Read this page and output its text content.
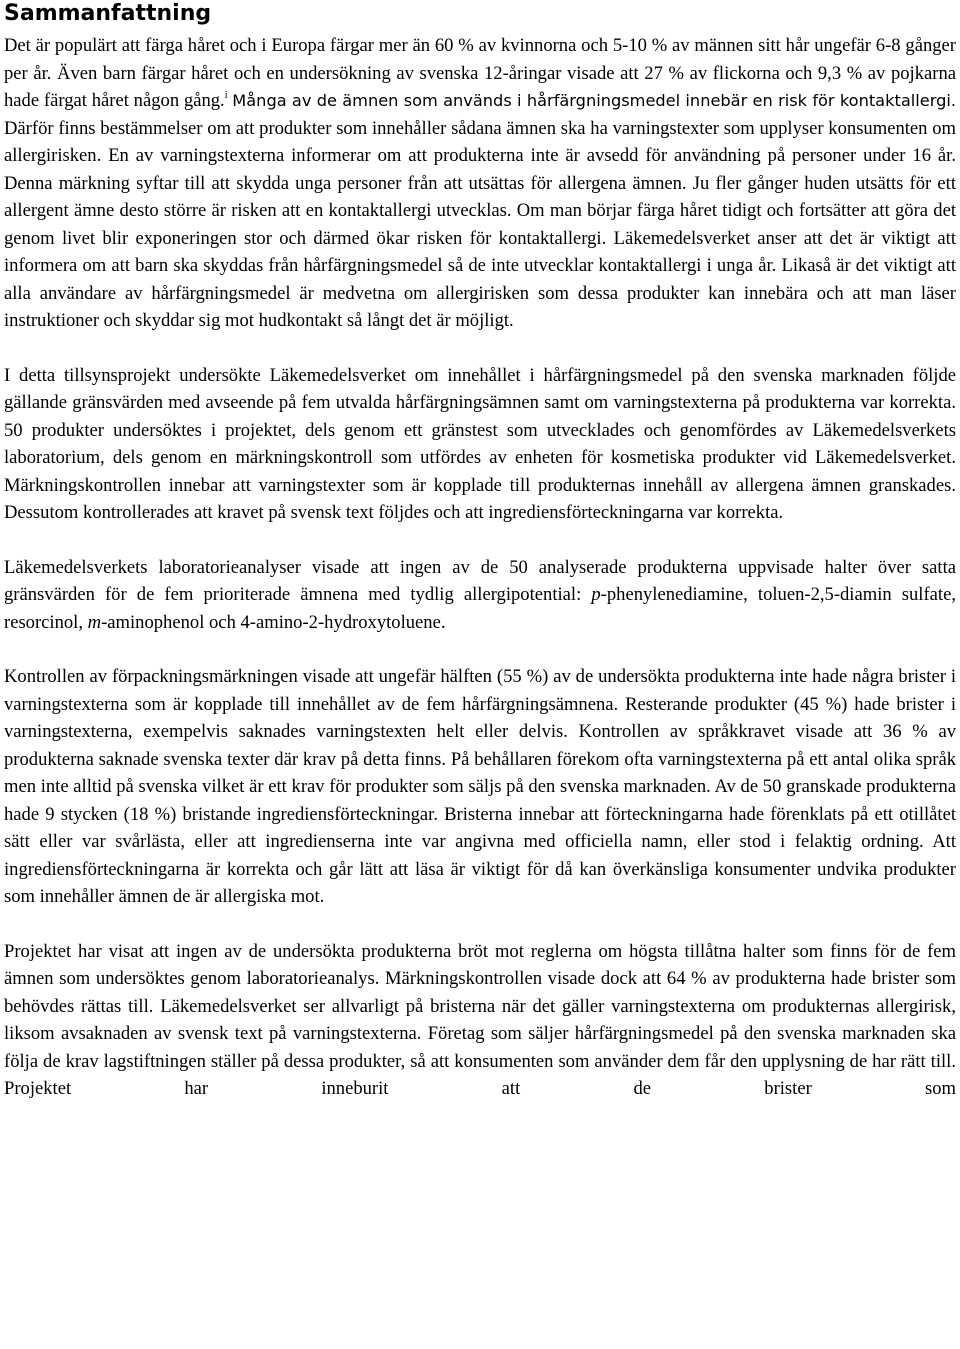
Sammanfattning

Det är populärt att färga håret och i Europa färgar mer än 60 % av kvinnorna och 5-10 % av männen sitt hår ungefär 6-8 gånger per år. Även barn färgar håret och en undersökning av svenska 12-åringar visade att 27 % av flickorna och 9,3 % av pojkarna hade färgat håret någon gång.$^i$ Många av de ämnen som används i hårfärgningsmedel innebär en risk för kontaktallergi. Därför finns bestämmelser om att produkter som innehåller sådana ämnen ska ha varningstexter som upplyser konsumenten om allergirisken. En av varningstexterna informerar om att produkterna inte är avsedd för användning på personer under 16 år. Denna märkning syftar till att skydda unga personer från att utsättas för allergena ämnen. Ju fler gånger huden utsätts för ett allergent ämne desto större är risken att en kontaktallergi utvecklas. Om man börjar färga håret tidigt och fortsätter att göra det genom livet blir exponeringen stor och därmed ökar risken för kontaktallergi. Läkemedelsverket anser att det är viktigt att informera om att barn ska skyddas från hårfärgningsmedel så de inte utvecklar kontaktallergi i unga år. Likaså är det viktigt att alla användare av hårfärgningsmedel är medvetna om allergirisken som dessa produkter kan innebära och att man läser instruktioner och skyddar sig mot hudkontakt så långt det är möjligt.

I detta tillsynsprojekt undersökte Läkemedelsverket om innehållet i hårfärgningsmedel på den svenska marknaden följde gällande gränsvärden med avseende på fem utvalda hårfärgningsämnen samt om varningstexterna på produkterna var korrekta. 50 produkter undersöktes i projektet, dels genom ett gränstest som utvecklades och genomfördes av Läkemedelsverkets laboratorium, dels genom en märkningskontroll som utfördes av enheten för kosmetiska produkter vid Läkemedelsverket. Märkningskontrollen innebar att varningstexter som är kopplade till produkternas innehåll av allergena ämnen granskades. Dessutom kontrollerades att kravet på svensk text följdes och att ingrediensförteckningarna var korrekta.

Läkemedelsverkets laboratorieanalyser visade att ingen av de 50 analyserade produkterna uppvisade halter över satta gränsvärden för de fem prioriterade ämnena med tydlig allergipotential: p-phenylenediamine, toluen-2,5-diamin sulfate, resorcinol, m-aminophenol och 4-amino-2-hydroxytoluene.

Kontrollen av förpackningsmärkningen visade att ungefär hälften (55 %) av de undersökta produkterna inte hade några brister i varningstexterna som är kopplade till innehållet av de fem hårfärgningsämnena. Resterande produkter (45 %) hade brister i varningstexterna, exempelvis saknades varningstexten helt eller delvis. Kontrollen av språkkravet visade att 36 % av produkterna saknade svenska texter där krav på detta finns. På behållaren förekom ofta varningstexterna på ett antal olika språk men inte alltid på svenska vilket är ett krav för produkter som säljs på den svenska marknaden. Av de 50 granskade produkterna hade 9 stycken (18 %) bristande ingrediensförteckningar. Bristerna innebar att förteckningarna hade förenklats på ett otillåtet sätt eller var svårlästa, eller att ingredienserna inte var angivna med officiella namn, eller stod i felaktig ordning. Att ingrediensförteckningarna är korrekta och går lätt att läsa är viktigt för då kan överkänsliga konsumenter undvika produkter som innehåller ämnen de är allergiska mot.

Projektet har visat att ingen av de undersökta produkterna bröt mot reglerna om högsta tillåtna halter som finns för de fem ämnen som undersöktes genom laboratorieanalys. Märkningskontrollen visade dock att 64 % av produkterna hade brister som behövdes rättas till. Läkemedelsverket ser allvarligt på bristerna när det gäller varningstexterna om produkternas allergirisk, liksom avsaknaden av svensk text på varningstexterna. Företag som säljer hårfärgningsmedel på den svenska marknaden ska följa de krav lagstiftningen ställer på dessa produkter, så att konsumenten som använder dem får den upplysning de har rätt till. Projektet har inneburit att de brister som
